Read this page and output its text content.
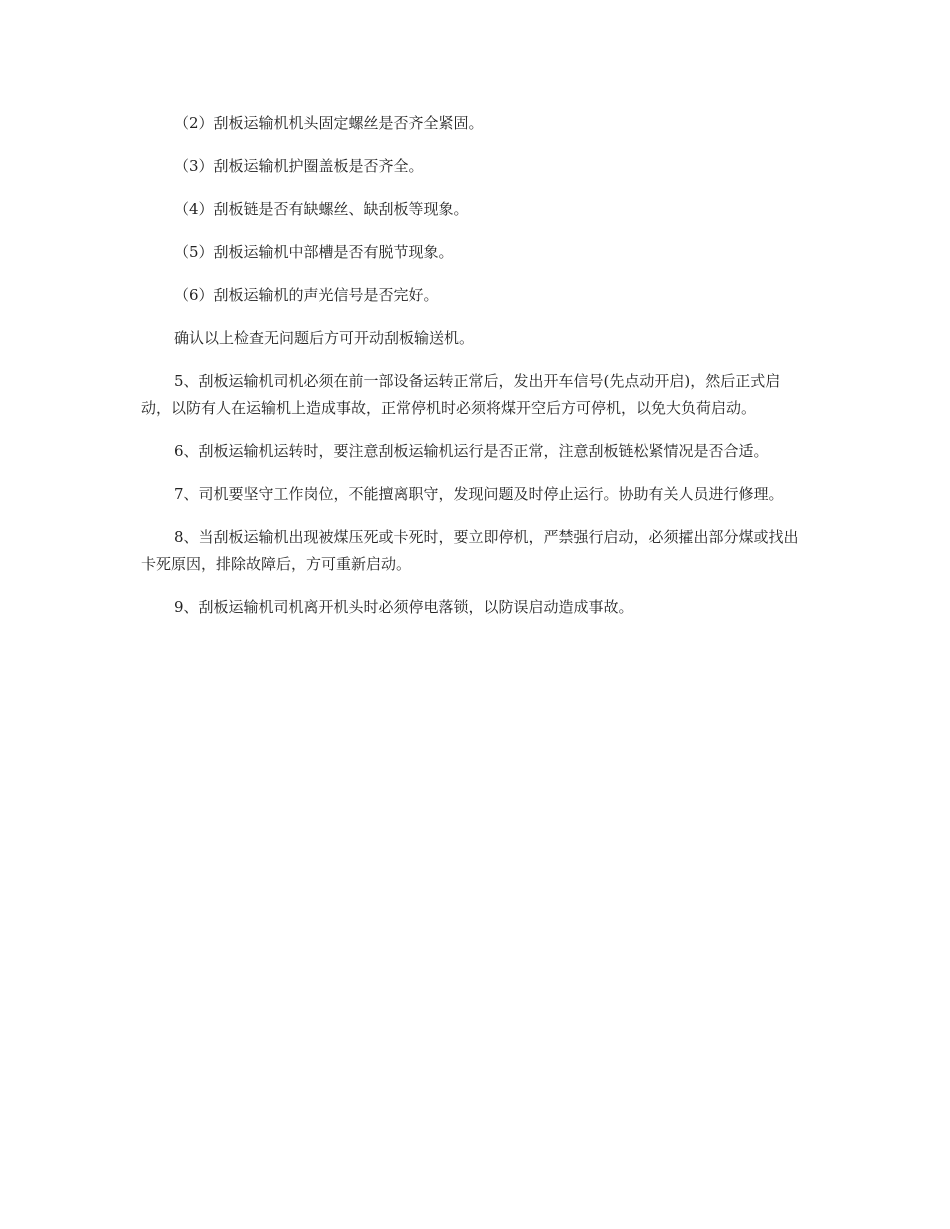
（2）刮板运输机机头固定螺丝是否齐全紧固。

（3）刮板运输机护圈盖板是否齐全。

（4）刮板链是否有缺螺丝、缺刮板等现象。

（5）刮板运输机中部槽是否有脱节现象。

（6）刮板运输机的声光信号是否完好。

确认以上检查无问题后方可开动刮板输送机。

5、刮板运输机司机必须在前一部设备运转正常后，发出开车信号(先点动开启)，然后正式启动，以防有人在运输机上造成事故，正常停机时必须将煤开空后方可停机，以免大负荷启动。

6、刮板运输机运转时，要注意刮板运输机运行是否正常，注意刮板链松紧情况是否合适。

7、司机要坚守工作岗位，不能擅离职守，发现问题及时停止运行。协助有关人员进行修理。

8、当刮板运输机出现被煤压死或卡死时，要立即停机，严禁强行启动，必须攉出部分煤或找出卡死原因，排除故障后，方可重新启动。

9、刮板运输机司机离开机头时必须停电落锁，以防误启动造成事故。
